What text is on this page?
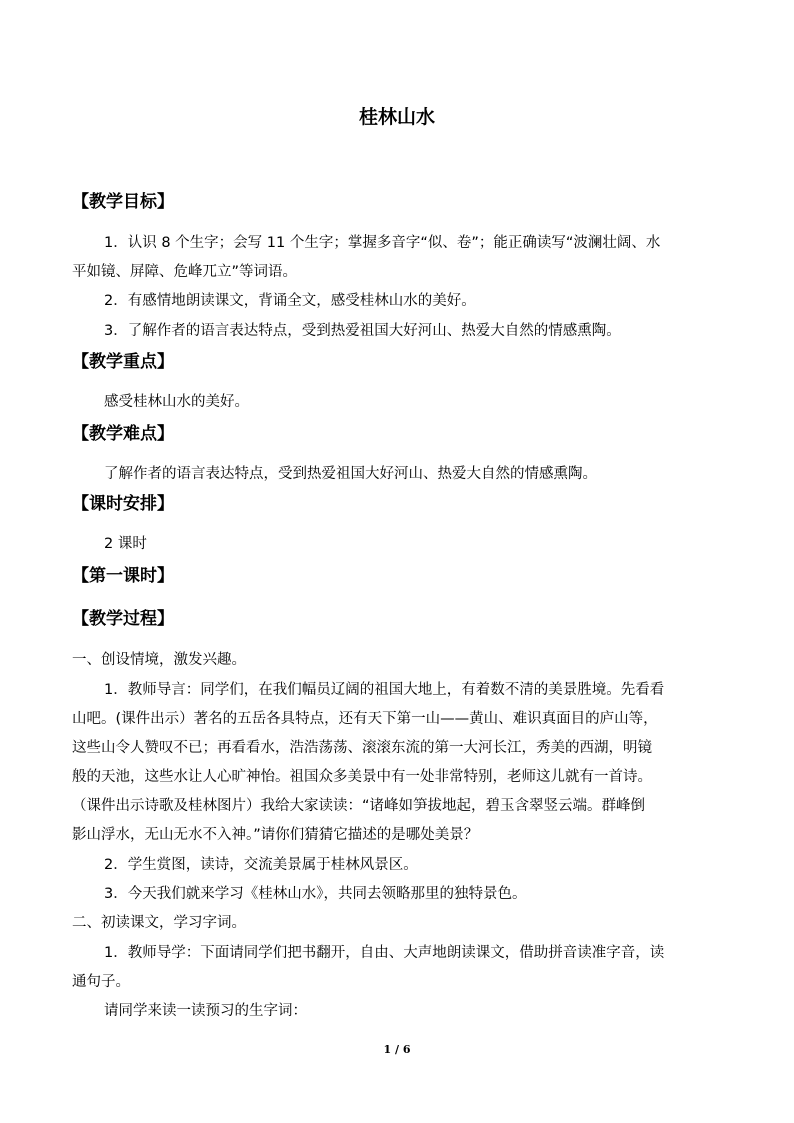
桂林山水
【教学目标】
1．认识 8 个生字；会写 11 个生字；掌握多音字“似、卷”；能正确读写“波澜壮阔、水
平如镜、屏障、危峰兀立”等词语。
2．有感情地朗读课文，背诵全文，感受桂林山水的美好。
3．了解作者的语言表达特点，受到热爱祖国大好河山、热爱大自然的情感熏陶。
【教学重点】
感受桂林山水的美好。
【教学难点】
了解作者的语言表达特点，受到热爱祖国大好河山、热爱大自然的情感熏陶。
【课时安排】
2 课时
【第一课时】
【教学过程】
一、创设情境，激发兴趣。
1．教师导言：同学们，在我们幅员辽阔的祖国大地上，有着数不清的美景胜境。先看看
山吧。(课件出示）著名的五岳各具特点，还有天下第一山——黄山、难识真面目的庐山等，
这些山令人赞叹不已；再看看水，浩浩荡荡、滚滚东流的第一大河长江，秀美的西湖，明镜
般的天池，这些水让人心旷神怡。祖国众多美景中有一处非常特别，老师这儿就有一首诗。
（课件出示诗歌及桂林图片）我给大家读读：“诸峰如笋拔地起，碧玉含翠竖云端。群峰倒
影山浮水，无山无水不入神。”请你们猜猜它描述的是哪处美景？
2．学生赏图，读诗，交流美景属于桂林风景区。
3．今天我们就来学习《桂林山水》，共同去领略那里的独特景色。
二、初读课文，学习字词。
1．教师导学：下面请同学们把书翻开，自由、大声地朗读课文，借助拼音读准字音，读
通句子。
请同学来读一读预习的生字词：
1 / 6
